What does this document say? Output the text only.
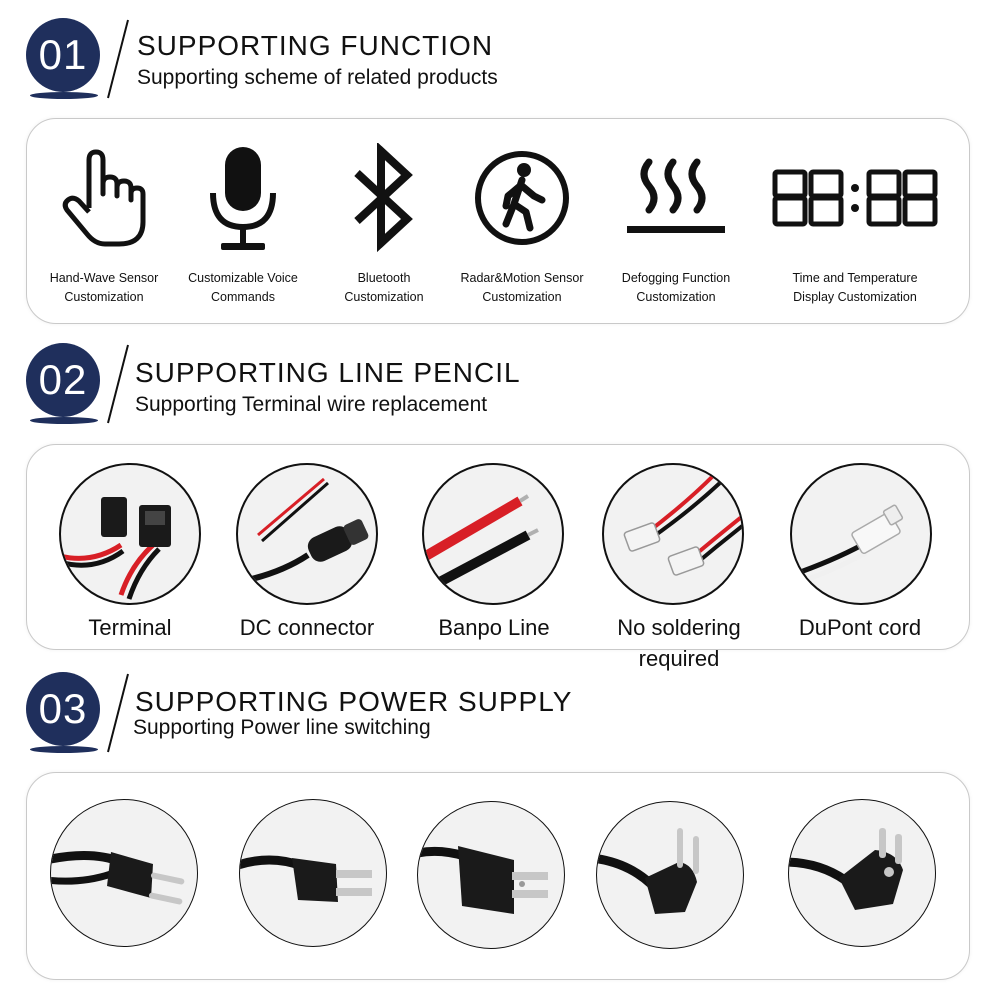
01	SUPPORTING FUNCTION
Supporting scheme of related products
Hand-Wave Sensor
Customization
Customizable Voice
Commands
Bluetooth
Customization
Radar&Motion Sensor
Customization
Defogging Function
Customization
Time and Temperature
Display Customization
02	SUPPORTING LINE PENCIL
Supporting Terminal wire replacement
Terminal	DC connector	Banpo Line	No soldering required
DuPont cord
03	SUPPORTING POWER SUPPLY
Supporting Power line switching
